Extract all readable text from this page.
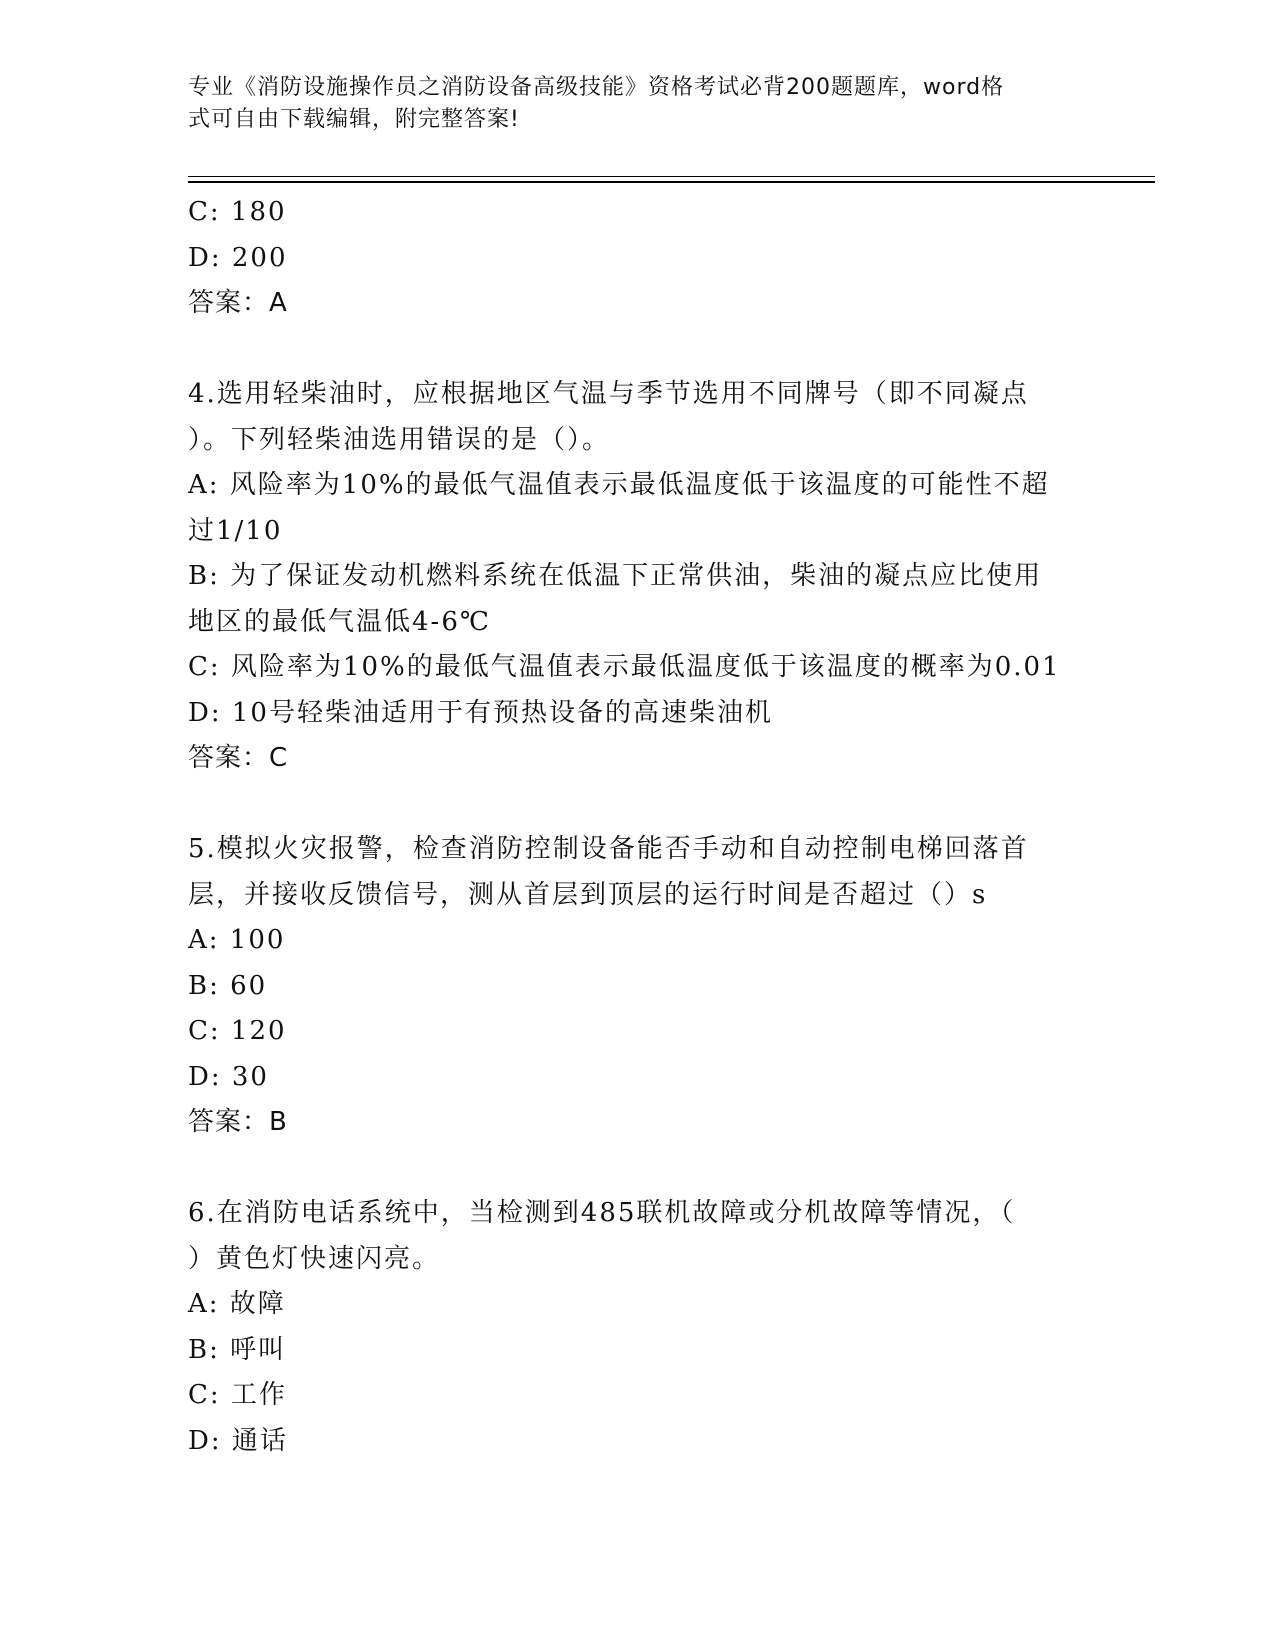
专业《消防设施操作员之消防设备高级技能》资格考试必背200题题库，word格
式可自由下载编辑，附完整答案!
C: 180
D: 200
答案：A
4.选用轻柴油时，应根据地区气温与季节选用不同牌号（即不同凝点
）。下列轻柴油选用错误的是（）。
A: 风险率为10%的最低气温值表示最低温度低于该温度的可能性不超
过1/10
B: 为了保证发动机燃料系统在低温下正常供油，柴油的凝点应比使用
地区的最低气温低4-6℃
C: 风险率为10%的最低气温值表示最低温度低于该温度的概率为0.01
D: 10号轻柴油适用于有预热设备的高速柴油机
答案：C
5.模拟火灾报警，检查消防控制设备能否手动和自动控制电梯回落首
层，并接收反馈信号，测从首层到顶层的运行时间是否超过（）s
A: 100
B: 60
C: 120
D: 30
答案：B
6.在消防电话系统中，当检测到485联机故障或分机故障等情况，（
）黄色灯快速闪亮。
A: 故障
B: 呼叫
C: 工作
D: 通话
